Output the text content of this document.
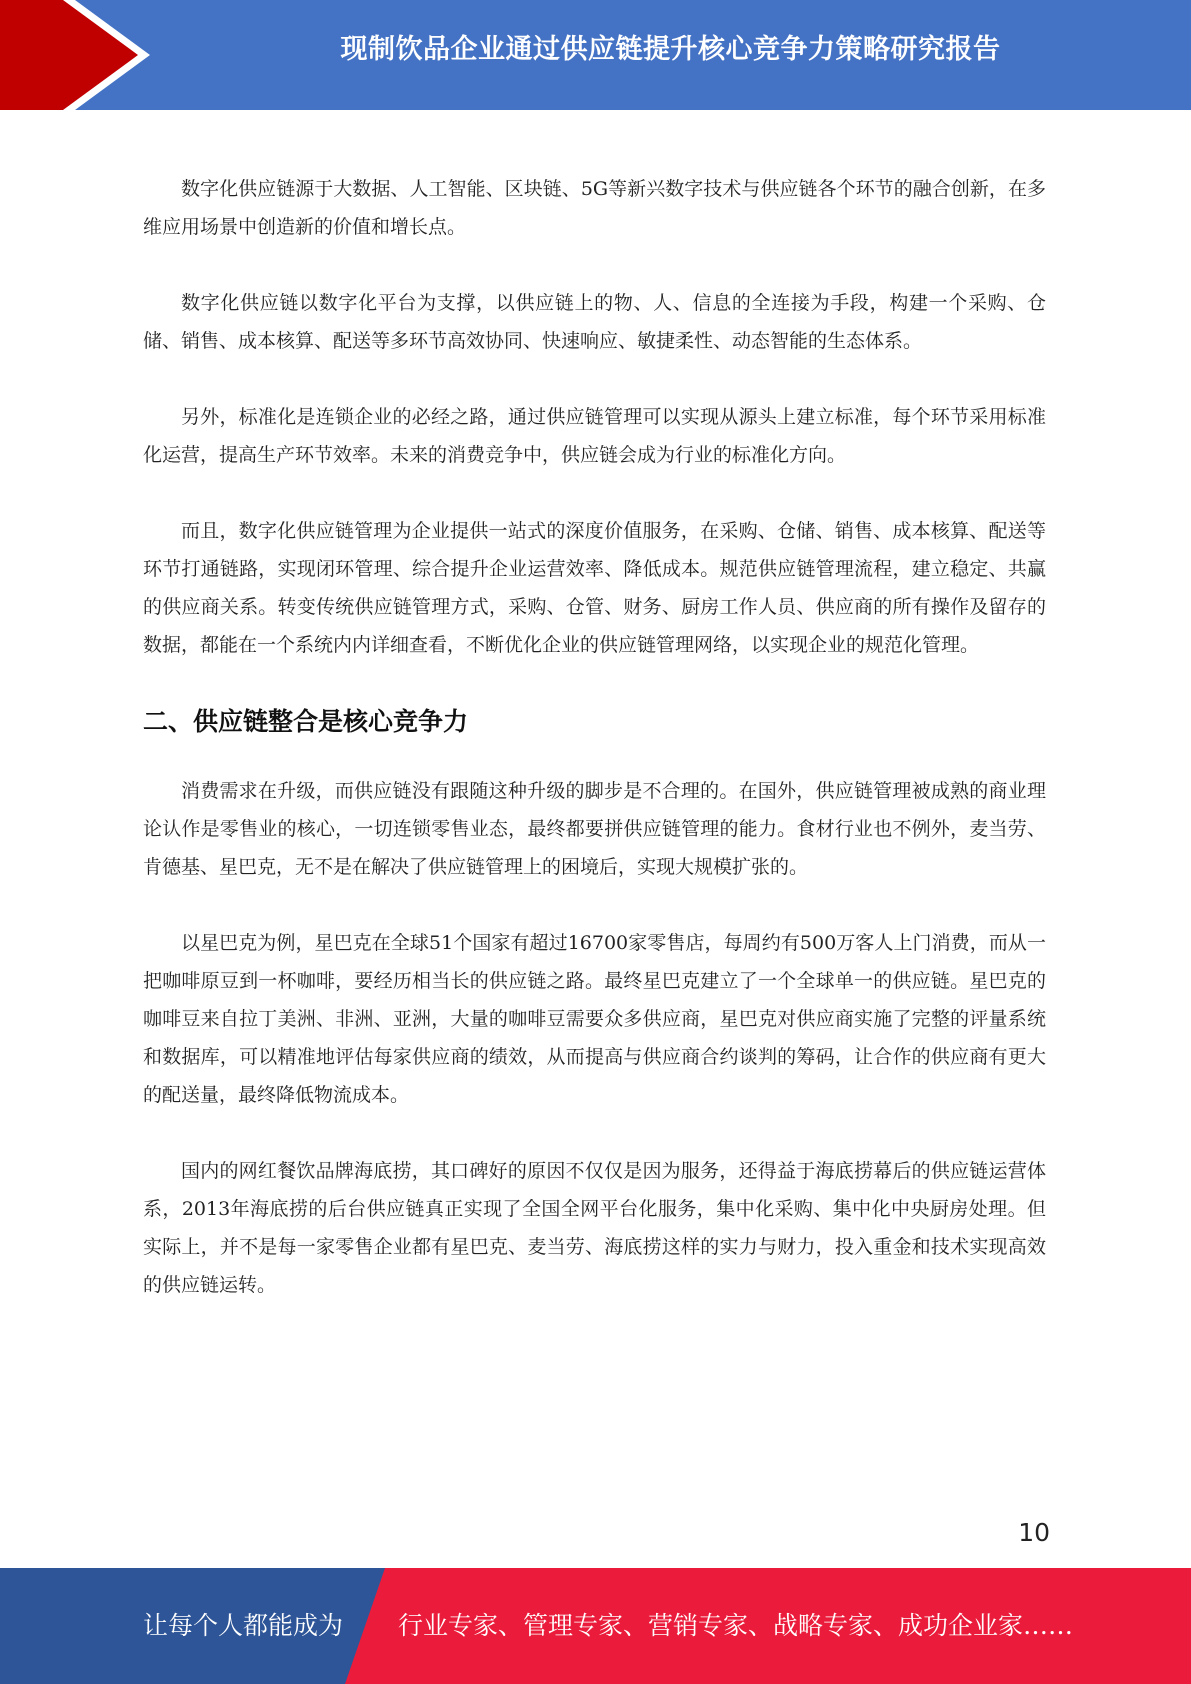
现制饮品企业通过供应链提升核心竞争力策略研究报告

数字化供应链源于大数据、人工智能、区块链、5G等新兴数字技术与供应链各个环节的融合创新，在多维应用场景中创造新的价值和增长点。

数字化供应链以数字化平台为支撑，以供应链上的物、人、信息的全连接为手段，构建一个采购、仓储、销售、成本核算、配送等多环节高效协同、快速响应、敏捷柔性、动态智能的生态体系。

另外，标准化是连锁企业的必经之路，通过供应链管理可以实现从源头上建立标准，每个环节采用标准化运营，提高生产环节效率。未来的消费竞争中，供应链会成为行业的标准化方向。

而且，数字化供应链管理为企业提供一站式的深度价值服务，在采购、仓储、销售、成本核算、配送等环节打通链路，实现闭环管理、综合提升企业运营效率、降低成本。规范供应链管理流程，建立稳定、共赢的供应商关系。转变传统供应链管理方式，采购、仓管、财务、厨房工作人员、供应商的所有操作及留存的数据，都能在一个系统内内详细查看，不断优化企业的供应链管理网络，以实现企业的规范化管理。

二、供应链整合是核心竞争力

消费需求在升级，而供应链没有跟随这种升级的脚步是不合理的。在国外，供应链管理被成熟的商业理论认作是零售业的核心，一切连锁零售业态，最终都要拼供应链管理的能力。食材行业也不例外，麦当劳、肯德基、星巴克，无不是在解决了供应链管理上的困境后，实现大规模扩张的。

以星巴克为例，星巴克在全球51个国家有超过16700家零售店，每周约有500万客人上门消费，而从一把咖啡原豆到一杯咖啡，要经历相当长的供应链之路。最终星巴克建立了一个全球单一的供应链。星巴克的咖啡豆来自拉丁美洲、非洲、亚洲，大量的咖啡豆需要众多供应商，星巴克对供应商实施了完整的评量系统和数据库，可以精准地评估每家供应商的绩效，从而提高与供应商合约谈判的筹码，让合作的供应商有更大的配送量，最终降低物流成本。

国内的网红餐饮品牌海底捞，其口碑好的原因不仅仅是因为服务，还得益于海底捞幕后的供应链运营体系，2013年海底捞的后台供应链真正实现了全国全网平台化服务，集中化采购、集中化中央厨房处理。但实际上，并不是每一家零售企业都有星巴克、麦当劳、海底捞这样的实力与财力，投入重金和技术实现高效的供应链运转。

10
让每个人都能成为 行业专家、管理专家、营销专家、战略专家、成功企业家……
